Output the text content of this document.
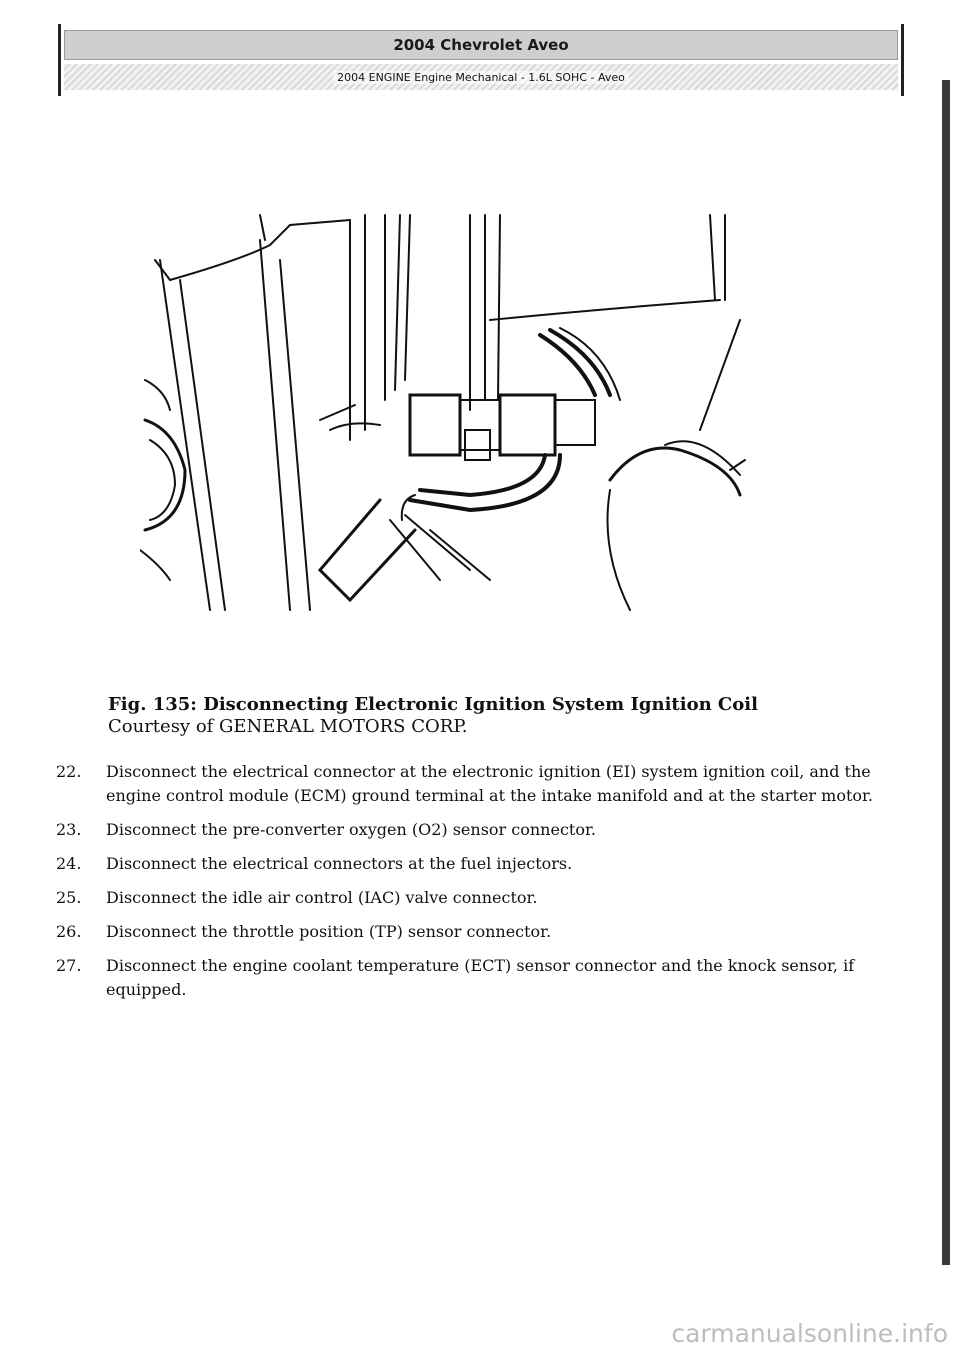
2004 Chevrolet Aveo
2004 ENGINE Engine Mechanical - 1.6L SOHC - Aveo
Fig. 135: Disconnecting Electronic Ignition System Ignition Coil
Courtesy of GENERAL MOTORS CORP.
22. Disconnect the electrical connector at the electronic ignition (EI) system ignition coil, and the engine control module (ECM) ground terminal at the intake manifold and at the starter motor.
23. Disconnect the pre-converter oxygen (O2) sensor connector.
24. Disconnect the electrical connectors at the fuel injectors.
25. Disconnect the idle air control (IAC) valve connector.
26. Disconnect the throttle position (TP) sensor connector.
27. Disconnect the engine coolant temperature (ECT) sensor connector and the knock sensor, if equipped.
carmanualsonline.info
